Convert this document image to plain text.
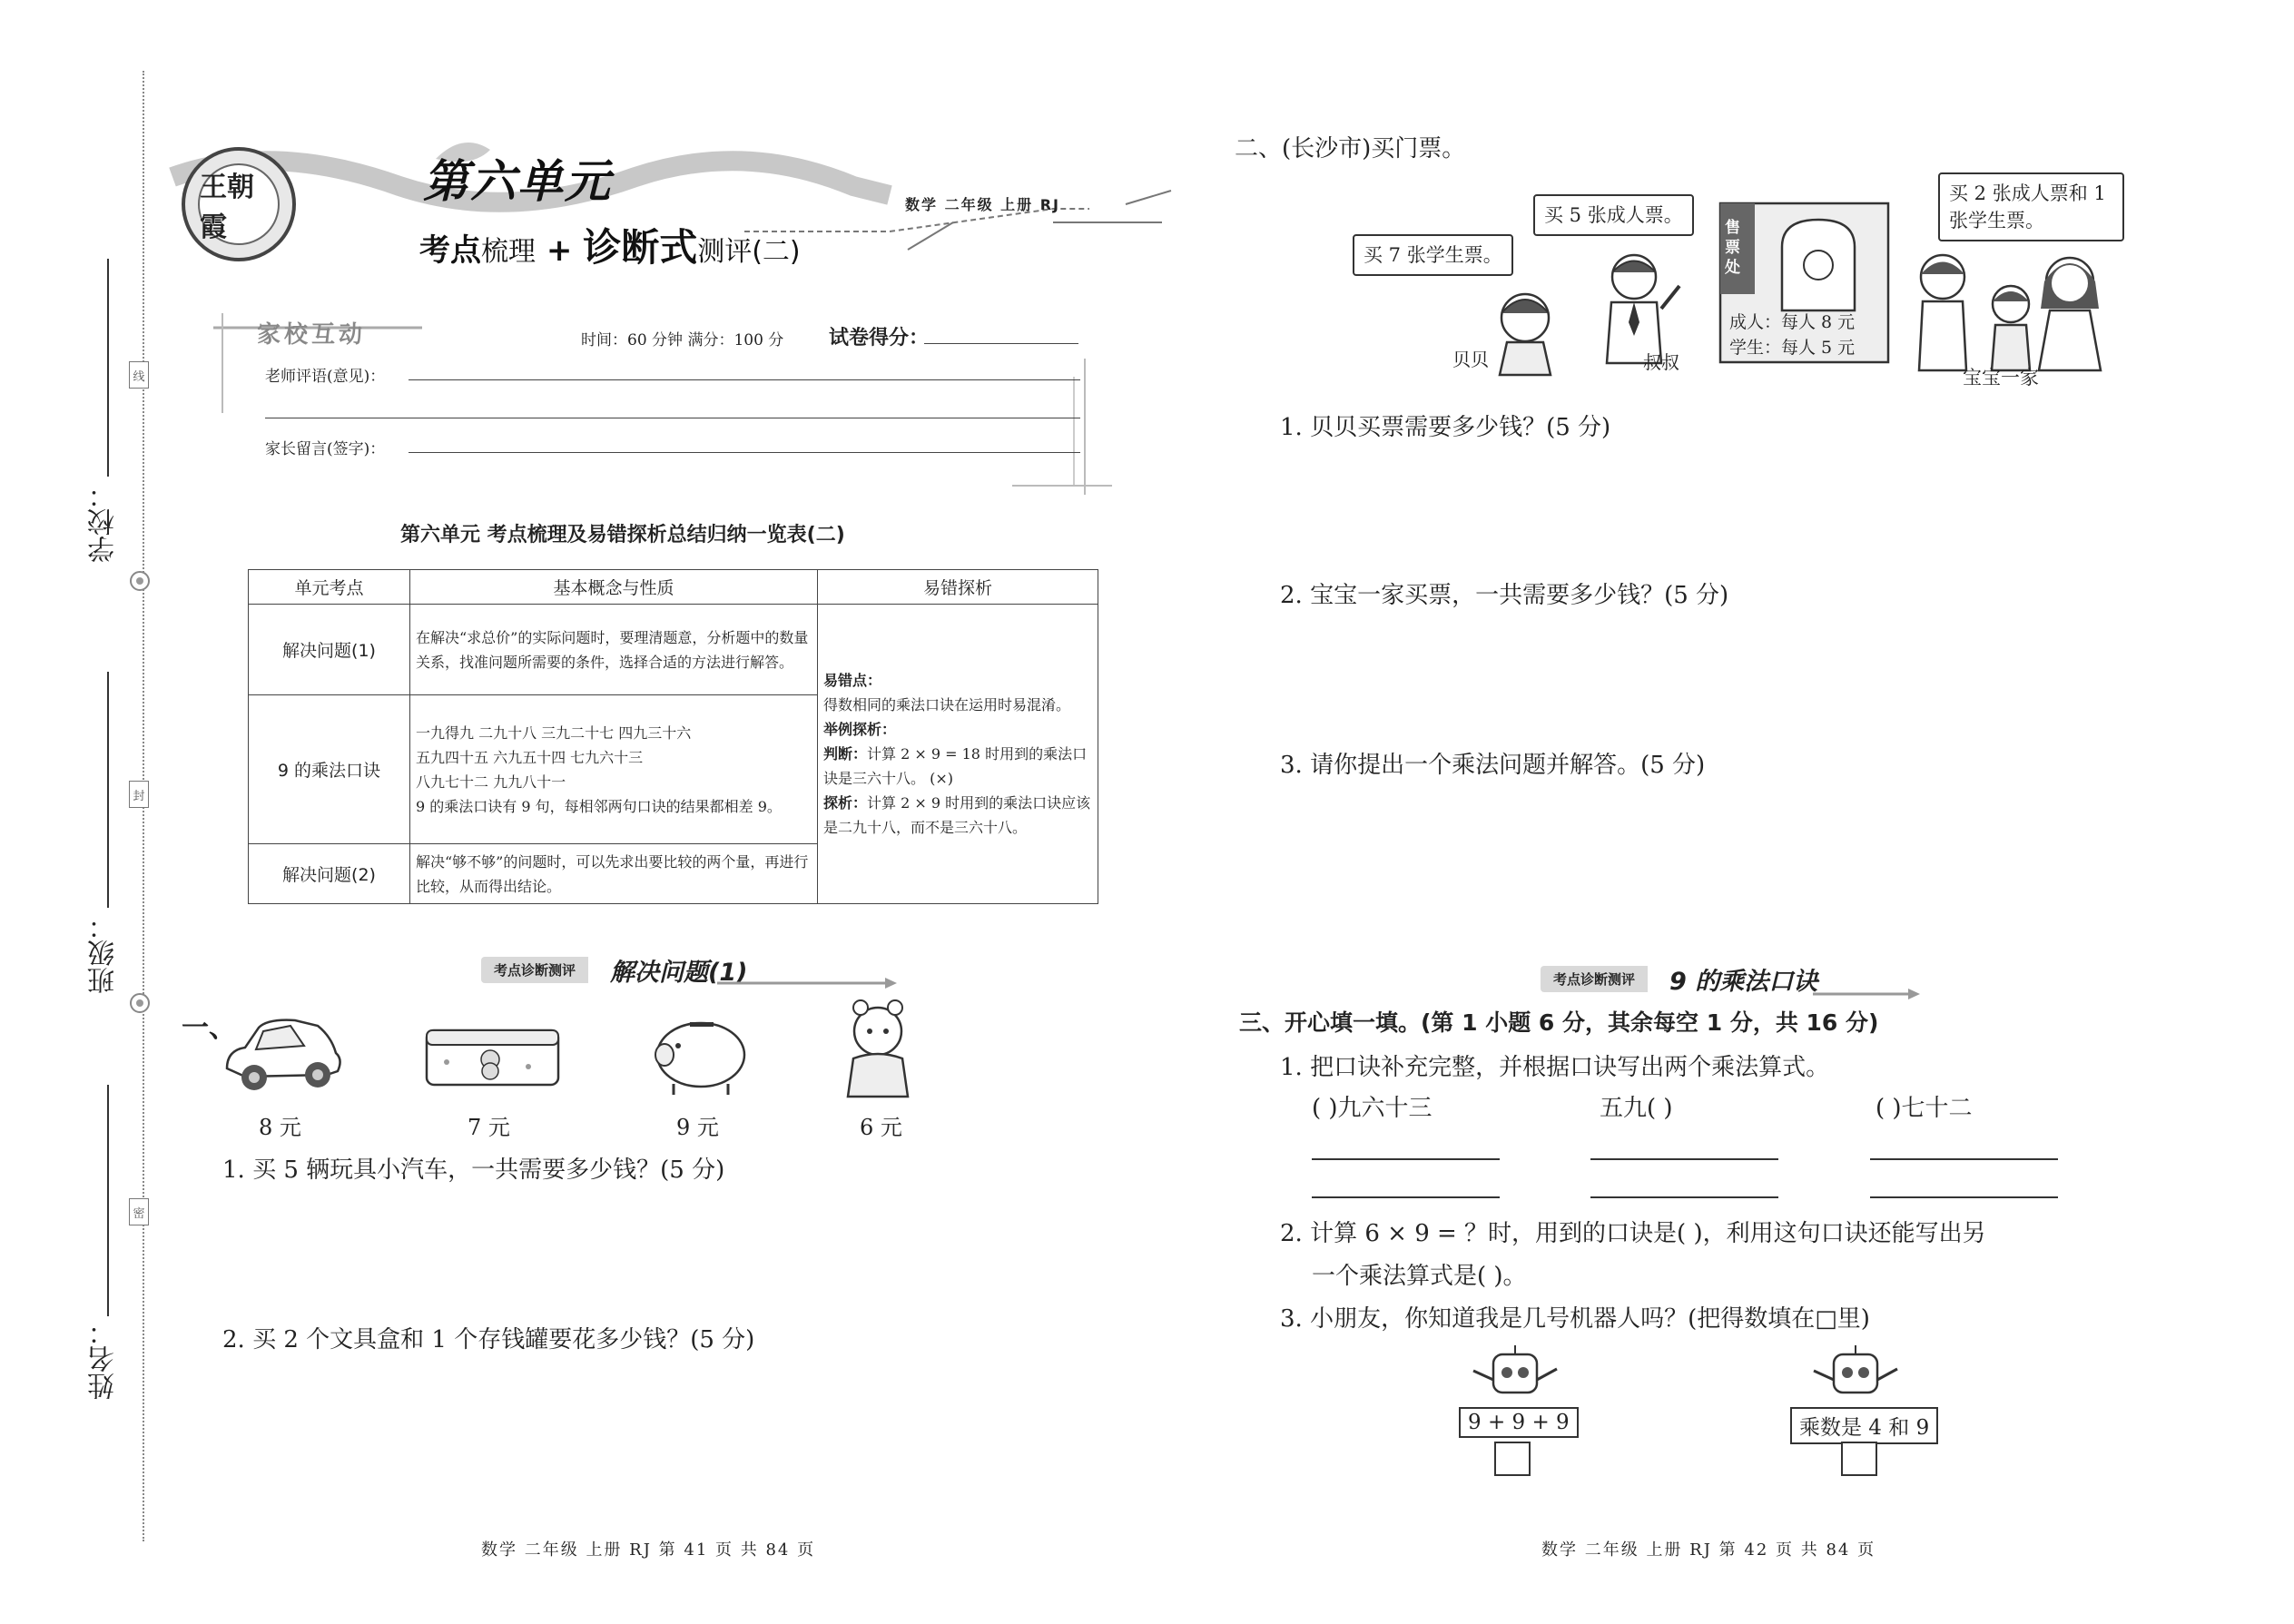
学校：
班级：
姓名：
线
封
密
王朝霞
第六单元
考点梳理 + 诊断式测评(二)
数学 二年级 上册 RJ
家校互动	时间：60 分钟 满分：100 分 试卷得分：
老师评语(意见)：
家长留言(签字)：
第六单元 考点梳理及易错探析总结归纳一览表(二)
单元考点	基本概念与性质	易错探析
解决问题(1)	在解决“求总价”的实际问题时，要理清题意，分析题中的数量关系，找准问题所需要的条件，选择合适的方法进行解答。	易错点：
得数相同的乘法口诀在运用时易混淆。
举例探析：
判断：计算 2 × 9 = 18 时用到的乘法口诀是三六十八。 (×)
探析：计算 2 × 9 时用到的乘法口诀应该是二九十八，而不是三六十八。

9 的乘法口诀	一九得九 二九十八 三九二十七 四九三十六
五九四十五 六九五十四 七九六十三
八九七十二 九九八十一
9 的乘法口诀有 9 句，每相邻两句口诀的结果都相差 9。	

解决问题(2)	解决“够不够”的问题时，可以先求出要比较的两个量，再进行比较，从而得出结论。	
考点诊断测评	解决问题(1)
一、
8 元	7 元	9 元	6 元
1. 买 5 辆玩具小汽车，一共需要多少钱？(5 分)
2. 买 2 个文具盒和 1 个存钱罐要花多少钱？(5 分)
数学 二年级 上册 RJ 第 41 页 共 84 页
二、(长沙市)买门票。
买 7 张学生票。
买 5 张成人票。
买 2 张成人票和 1 张学生票。
贝贝	叔叔
售票处
成人：每人 8 元
学生：每人 5 元
宝宝一家
1. 贝贝买票需要多少钱？(5 分)
2. 宝宝一家买票，一共需要多少钱？(5 分)
3. 请你提出一个乘法问题并解答。(5 分)
考点诊断测评	9 的乘法口诀
三、开心填一填。(第 1 小题 6 分，其余每空 1 分，共 16 分)
1. 把口诀补充完整，并根据口诀写出两个乘法算式。
( )九六十三	五九( )	( )七十二
2. 计算 6 × 9 = ？时，用到的口诀是( )，利用这句口诀还能写出另
一个乘法算式是( )。
3. 小朋友，你知道我是几号机器人吗？(把得数填在□里)
9 + 9 + 9	乘数是 4 和 9
数学 二年级 上册 RJ 第 42 页 共 84 页
